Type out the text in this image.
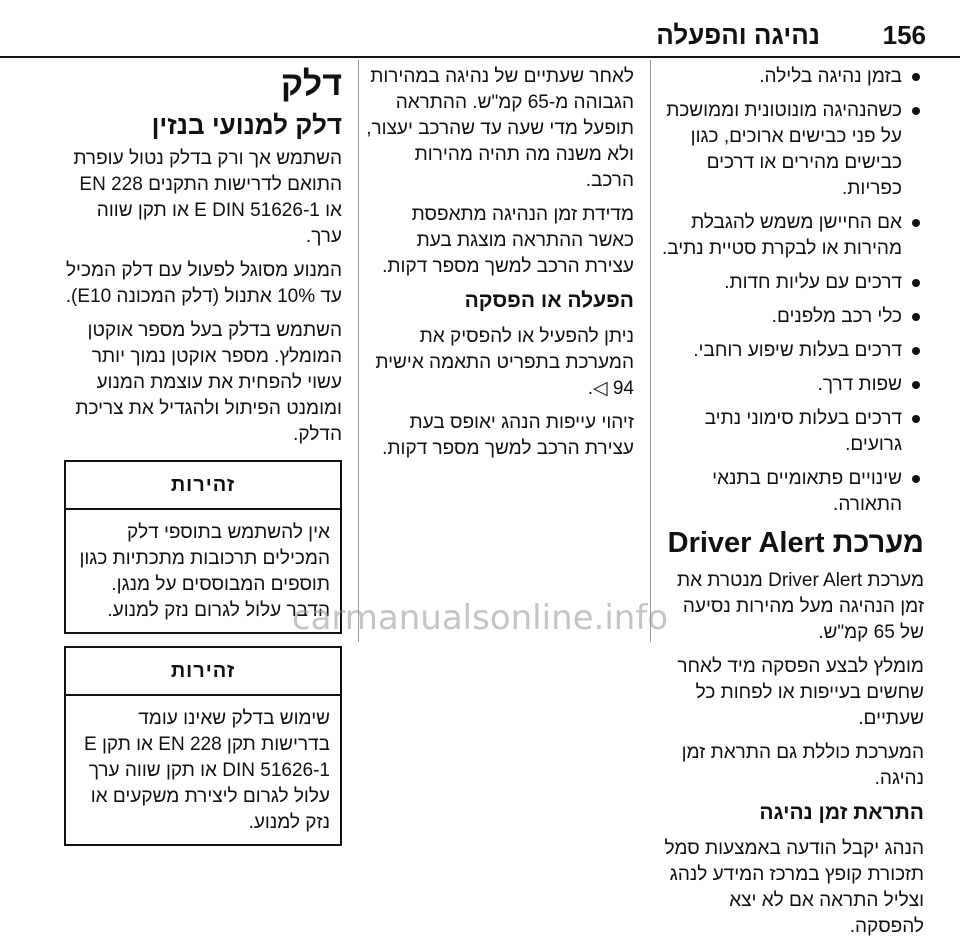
נהיגה והפעלה 156
בזמן נהיגה בלילה.
כשהנהיגה מונוטונית וממושכת על פני כבישים ארוכים, כגון כבישים מהירים או דרכים כפריות.
אם החיישן משמש להגבלת מהירות או לבקרת סטיית נתיב.
דרכים עם עליות חדות.
כלי רכב מלפנים.
דרכים בעלות שיפוע רוחבי.
שפות דרך.
דרכים בעלות סימוני נתיב גרועים.
שינויים פתאומיים בתנאי התאורה.
מערכת Driver Alert

מערכת Driver Alert מנטרת את זמן הנהיגה מעל מהירות נסיעה של 65 קמ"ש.

מומלץ לבצע הפסקה מיד לאחר שחשים בעייפות או לפחות כל שעתיים.

המערכת כוללת גם התראת זמן נהיגה.

התראת זמן נהיגה

הנהג יקבל הודעה באמצעות סמל תזכורת קופץ במרכז המידע לנהג וצליל התראה אם לא יצא להפסקה.

לאחר שעתיים של נהיגה במהירות הגבוהה מ-65 קמ"ש. ההתראה תופעל מדי שעה עד שהרכב יעצור, ולא משנה מה תהיה מהירות הרכב.

מדידת זמן הנהיגה מתאפסת כאשר ההתראה מוצגת בעת עצירת הרכב למשך מספר דקות.

הפעלה או הפסקה

ניתן להפעיל או להפסיק את המערכת בתפריט התאמה אישית 94 ◁.

זיהוי עייפות הנהג יאופס בעת עצירת הרכב למשך מספר דקות.

דלק
דלק למנועי בנזין

השתמש אך ורק בדלק נטול עופרת התואם לדרישות התקנים EN 228 או E DIN 51626-1 או תקן שווה ערך.

המנוע מסוגל לפעול עם דלק המכיל עד 10% אתנול (דלק המכונה E10).

השתמש בדלק בעל מספר אוקטן המומלץ. מספר אוקטן נמוך יותר עשוי להפחית את עוצמת המנוע ומומנט הפיתול ולהגדיל את צריכת הדלק.

זהירות
אין להשתמש בתוספי דלק המכילים תרכובות מתכתיות כגון תוספים המבוססים על מנגן. הדבר עלול לגרום נזק למנוע.
זהירות
שימוש בדלק שאינו עומד בדרישות תקן EN 228 או תקן E DIN 51626-1 או תקן שווה ערך עלול לגרום ליצירת משקעים או נזק למנוע.
carmanualsonline.info
